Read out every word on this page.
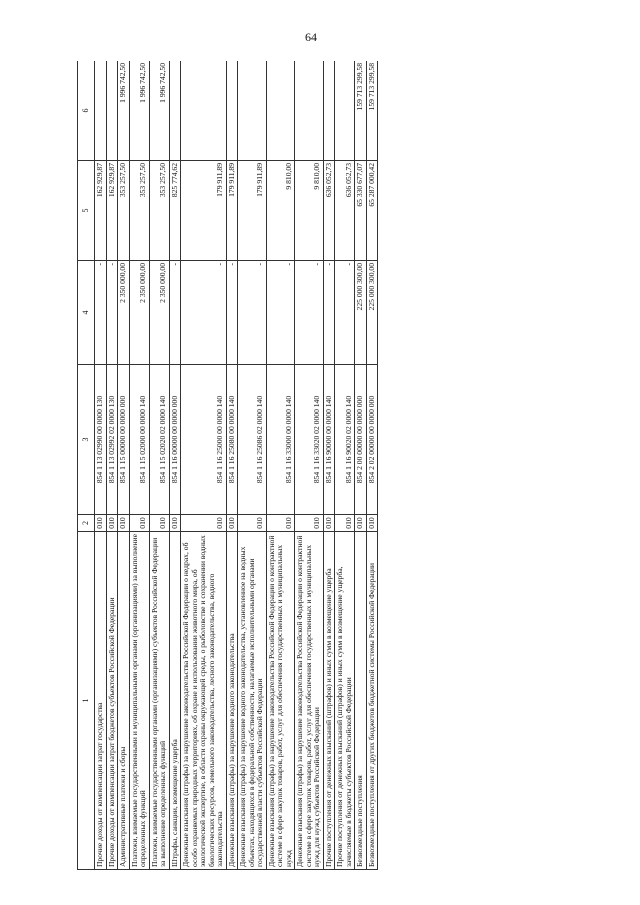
64
1	2	3	4	5	6
Прочие доходы от компенсации затрат государства	010	854 1 13 02990 00 0000 130	-	162 929,87	
Прочие доходы от компенсации затрат бюджетов субъектов Российской Федерации	010	854 1 13 02992 02 0000 130	-	162 929,87	
Административные платежи и сборы	010	854 1 15 00000 00 0000 000	2 350 000,00	353 257,50	1 996 742,50
Платежи, взимаемые государственными и муниципальными органами (организациями) за выполнение определенных функций	010	854 1 15 02000 00 0000 140	2 350 000,00	353 257,50	1 996 742,50
Платежи, взимаемые государственными органами (организациями) субъектов Российской Федерации за выполнение определенных функций	010	854 1 15 02020 02 0000 140	2 350 000,00	353 257,50	1 996 742,50
Штрафы, санкции, возмещение ущерба	010	854 1 16 00000 00 0000 000	-	825 774,62	
Денежные взыскания (штрафы) за нарушение законодательства Российской Федерации о недрах, об особо охраняемых природных территориях, об охране и использовании животного мира, об экологической экспертизе, в области охраны окружающей среды, о рыболовстве и сохранении водных биологических ресурсов, земельного законодательства, лесного законодательства, водного законодательства	010	854 1 16 25000 00 0000 140	-	179 911,89	
Денежные взыскания (штрафы) за нарушение водного законодательства	010	854 1 16 25080 00 0000 140	-	179 911,89	
Денежные взыскания (штрафы) за нарушение водного законодательства, установленное на водных объектах, находящихся в федеральной собственности, налагаемые исполнительными органами государственной власти субъектов Российской Федерации	010	854 1 16 25086 02 0000 140	-	179 911,89	
Денежные взыскания (штрафы) за нарушение законодательства Российской Федерации о контрактной системе в сфере закупок товаров, работ, услуг для обеспечения государственных и муниципальных нужд	010	854 1 16 33000 00 0000 140	-	9 810,00	
Денежные взыскания (штрафы) за нарушение законодательства Российской Федерации о контрактной системе в сфере закупок товаров, работ, услуг для обеспечения государственных и муниципальных нужд для нужд субъектов Российской Федерации	010	854 1 16 33020 02 0000 140	-	9 810,00	
Прочие поступления от денежных взысканий (штрафов) и иных сумм в возмещение ущерба	010	854 1 16 90000 00 0000 140	-	636 052,73	
Прочие поступления от денежных взысканий (штрафов) и иных сумм в возмещение ущерба, зачисляемые в бюджеты субъектов Российской Федерации	010	854 1 16 90020 02 0000 140	-	636 052,73	
Безвозмездные поступления	010	854 2 00 00000 00 0000 000	225 000 300,00	65 330 677,07	159 713 299,58
Безвозмездные поступления от других бюджетов бюджетной системы Российской Федерации	010	854 2 02 00000 00 0000 000	225 000 300,00	65 287 000,42	159 713 299,58
